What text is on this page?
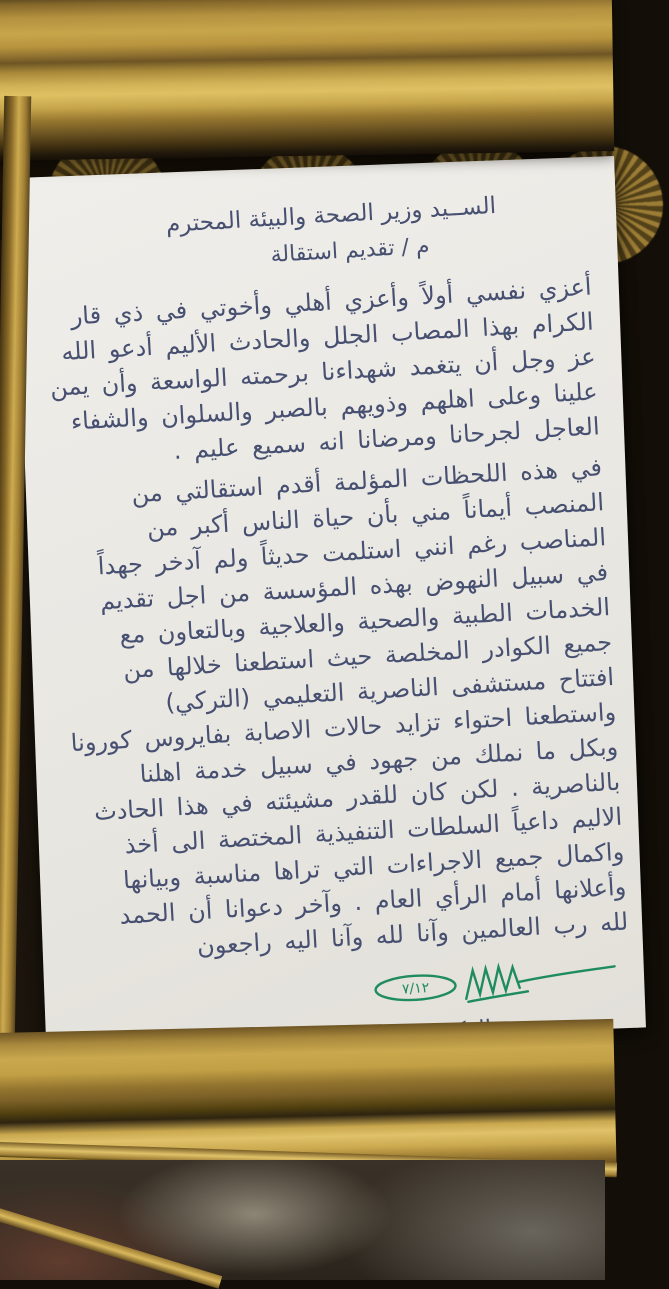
الســيد وزير الصحة والبيئة المحترم
م / تقديم استقالة

أعزي نفسي أولاً وأعزي أهلي وأخوتي في ذي قار الكرام بهذا المصاب الجلل والحادث الأليم أدعو الله عز وجل أن يتغمد شهداءنا برحمته الواسعة وأن يمن علينا وعلى اهلهم وذويهم بالصبر والسلوان والشفاء العاجل لجرحانا ومرضانا انه سميع عليم .

في هذه اللحظات المؤلمة أقدم استقالتي من المنصب أيماناً مني بأن حياة الناس أكبر من المناصب رغم انني استلمت حديثاً ولم آدخر جهداً في سبيل النهوض بهذه المؤسسة من اجل تقديم الخدمات الطبية والصحية والعلاجية وبالتعاون مع جميع الكوادر المخلصة حيث استطعنا خلالها من افتتاح مستشفى الناصرية التعليمي (التركي) واستطعنا احتواء تزايد حالات الاصابة بفايروس كورونا وبكل ما نملك من جهود في سبيل خدمة اهلنا بالناصرية . لكن كان للقدر مشيئته في هذا الحادث الاليم داعياً السلطات التنفيذية المختصة الى أخذ واكمال جميع الاجراءات التي تراها مناسبة وبيانها وأعلانها أمام الرأي العام . وآخر دعوانا أن الحمد لله رب العالمين وآنا لله وآنا اليه راجعون

٧/١٢
